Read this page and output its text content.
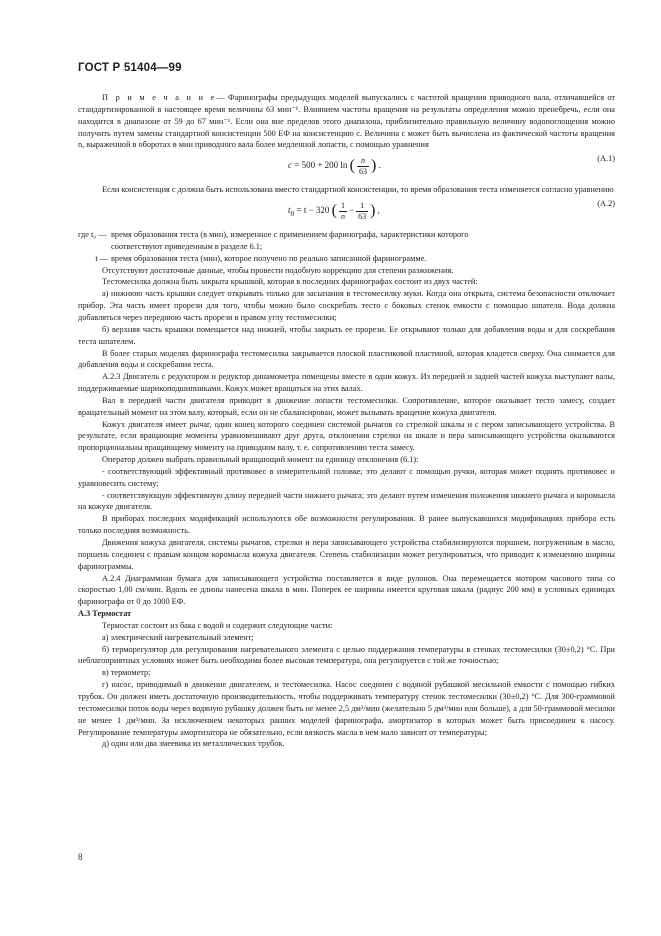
ГОСТ Р 51404—99

П р и м е ч а н и е— Фаринографы предыдущих моделей выпускались с частотой вращения приводного вала, отличавшейся от стандартизированной в настоящее время величины 63 мин⁻¹. Влиянием частоты вращения на результаты определения можно пренебречь, если она находится в диапазоне от 59 до 67 мин⁻¹. Если она вне пределов этого диапазона, приблизительно правильную величину водопоглощения можно получить путем замены стандартной консистенции 500 ЕФ на консистенцию c. Величина c может быть вычислена из фактической частоты вращения n, выраженной в оборотах в мин приводного вала более медленной лопасти, с помощью уравнения

c = 500 + 200 ln ( $\frac{n}{63}$ ) .
(А.1)

Если консистенция c должна быть использована вместо стандартной консистенции, то время образования теста изменяется согласно уравнению

$t_0 = t - 320$ ( $\frac{1}{n} - \frac{1}{63}$ ) ,
(А.2)
где t₀ — время образования теста (в мин), измеренное с применением фаринографа, характеристики которого

соответствуют приведенным в разделе 6.1;

t — время образования теста (мин), которое получено по реально записанной фаринограмме.

Отсутствуют достаточные данные, чтобы провести подобную коррекцию для степени разжижения.

Тестомесилка должна быть закрыта крышкой, которая в последних фаринографах состоит из двух частей:

а) нижнюю часть крышки следует открывать только для засыпания в тестомесилку муки. Когда она открыта, система безопасности отключает прибор. Эта часть имеет прорези для того, чтобы можно было соскребать тесто с боковых стенок емкости с помощью шпателя. Вода должна добавляться через переднюю часть прорези в правом углу тестомесилки;

б) верхняя часть крышки помещается над нижней, чтобы закрыть ее прорези. Ее открывают только для добавления воды и для соскребания теста шпателем.

В более старых моделях фаринографа тестомесилка закрывается плоской пластиковой пластиной, которая кладется сверху. Она снимается для добавления воды и соскребания теста.

А.2.3 Двигатель с редуктором и редуктор динамометра помещены вместе в одни кожух. Из передней и задней частей кожуха выступают валы, поддерживаемые шарикоподшипниками. Кожух может вращаться на этих валах.

Вал в передней части двигателя приводит в движение лопасти тестомесилки. Сопротивление, которое оказывает тесто замесу, создает вращательный момент на этом валу, который, если он не сбалансирован, может вызывать вращение кожуха двигателя.

Кожух двигателя имеет рычаг, один конец которого соединен системой рычагов со стрелкой шкалы и с пером записывающего устройства. В результате, если вращающие моменты уравновешивают друг друга, отклонения стрелки на шкале и пера записывающего устройства оказываются пропорциональны вращающему моменту на приводном валу, т. е. сопротивлению теста замесу.

Оператор должен выбрать правильный вращающий момент на единицу отклонения (6.1):

- соответствующий эффективный противовес в измерительной головке; это делают с помощью ручки, которая может поднять противовес и уравновесить систему;

- соответствующую эффективную длину передней части нижнего рычага; это делают путем изменения положения нижнего рычага и коромысла на кожухе двигателя.

В приборах последних модификаций используются обе возможности регулирования. В ранее выпускавшихся модификациях прибора есть только последняя возможность.

Движения кожуха двигателя, системы рычагов, стрелки и пера записывающего устройства стабилизируются поршнем, погруженным в масло, поршень соединен с правым концом коромысла кожуха двигателя. Степень стабилизации может регулироваться, что приводит к изменению ширины фаринограммы.

А.2.4 Диаграммная бумага для записывающего устройства поставляется в виде рулонов. Она перемещается мотором часового типа со скоростью 1,00 см/мин. Вдоль ее длины нанесена шкала в мин. Поперек ее ширины имеется круговая шкала (радиус 200 мм) в условных единицах фаринографа от 0 до 1000 ЕФ.

А.3 Термостат

Термостат состоит из бака с водой и содержит следующие части:

а) электрический нагревательный элемент;

б) терморегулятор для регулирования нагревательного элемента с целью поддержания температуры в стенках тестомесилки (30±0,2) °С. При неблагоприятных условиях может быть необходима более высокая температура, она регулируется с той же точностью;

в) термометр;

г) насос, приводимый в движение двигателем, и тестомесилка. Насос соединен с водяной рубашкой месильной емкости с помощью гибких трубок. Он должен иметь достаточную производительность, чтобы поддерживать температуру стенок тестомесилки (30±0,2) °С. Для 300-граммовой тестомесилки поток воды через водяную рубашку должен быть не менее 2,5 дм³/мин (желательно 5 дм³/мин или больше), а для 50-граммовой месилки не менее 1 дм³/мин. За исключением некоторых ранних моделей фаринографа, амортизатор в которых может быть присоединен к насосу. Регулирование температуры амортизатора не обязательно, если вязкость масла в нем мало зависит от температуры;

д) один или два змеевика из металлических трубок.

8
